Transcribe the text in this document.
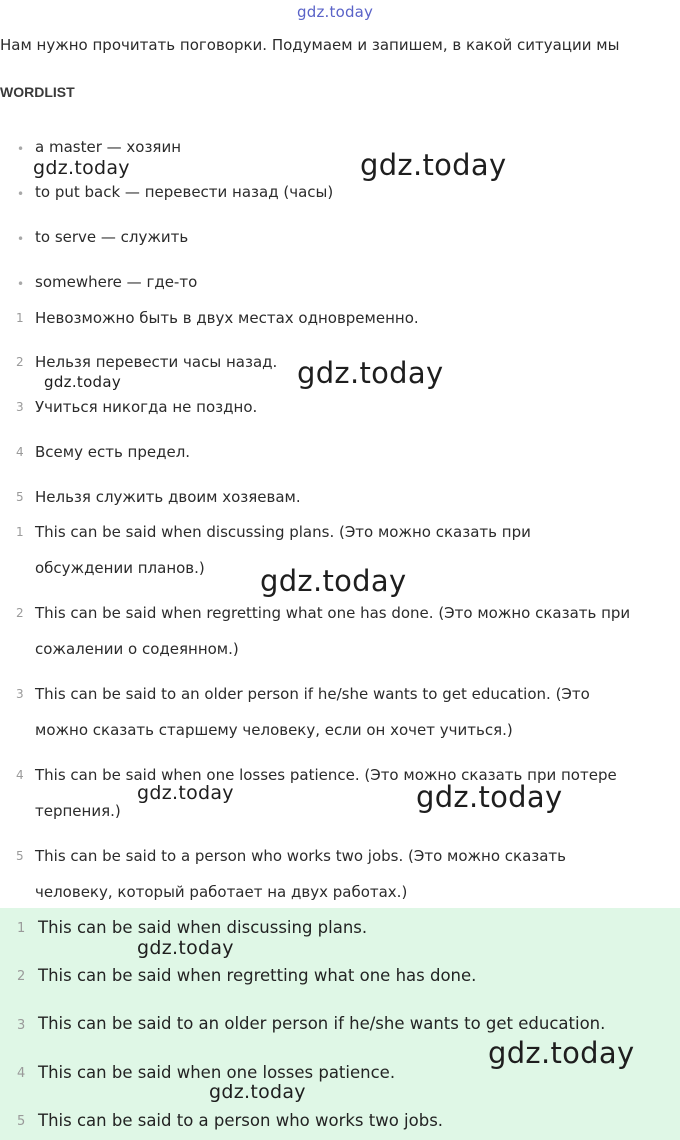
gdz.today
Нам нужно прочитать поговорки. Подумаем и запишем, в какой ситуации мы
WORDLIST
• a master — хозяин
• to put back — перевести назад (часы)
• to serve — служить
• somewhere — где-то
1 Невозможно быть в двух местах одновременно.
2 Нельзя перевести часы назад.
3 Учиться никогда не поздно.
4 Всему есть предел.
5 Нельзя служить двоим хозяевам.
1 This can be said when discussing plans. (Это можно сказать при
обсуждении планов.)
2 This can be said when regretting what one has done. (Это можно сказать при
сожалении о содеянном.)
3 This can be said to an older person if he/she wants to get education. (Это
можно сказать старшему человеку, если он хочет учиться.)
4 This can be said when one losses patience. (Это можно сказать при потере
терпения.)
5 This can be said to a person who works two jobs. (Это можно сказать
человеку, который работает на двух работах.)
1 This can be said when discussing plans.
2 This can be said when regretting what one has done.
3 This can be said to an older person if he/she wants to get education.
4 This can be said when one losses patience.
5 This can be said to a person who works two jobs.
gdz.today	gdz.today
gdz.today	gdz.today
gdz.today
gdz.today	gdz.today
gdz.today
gdz.today
gdz.today
